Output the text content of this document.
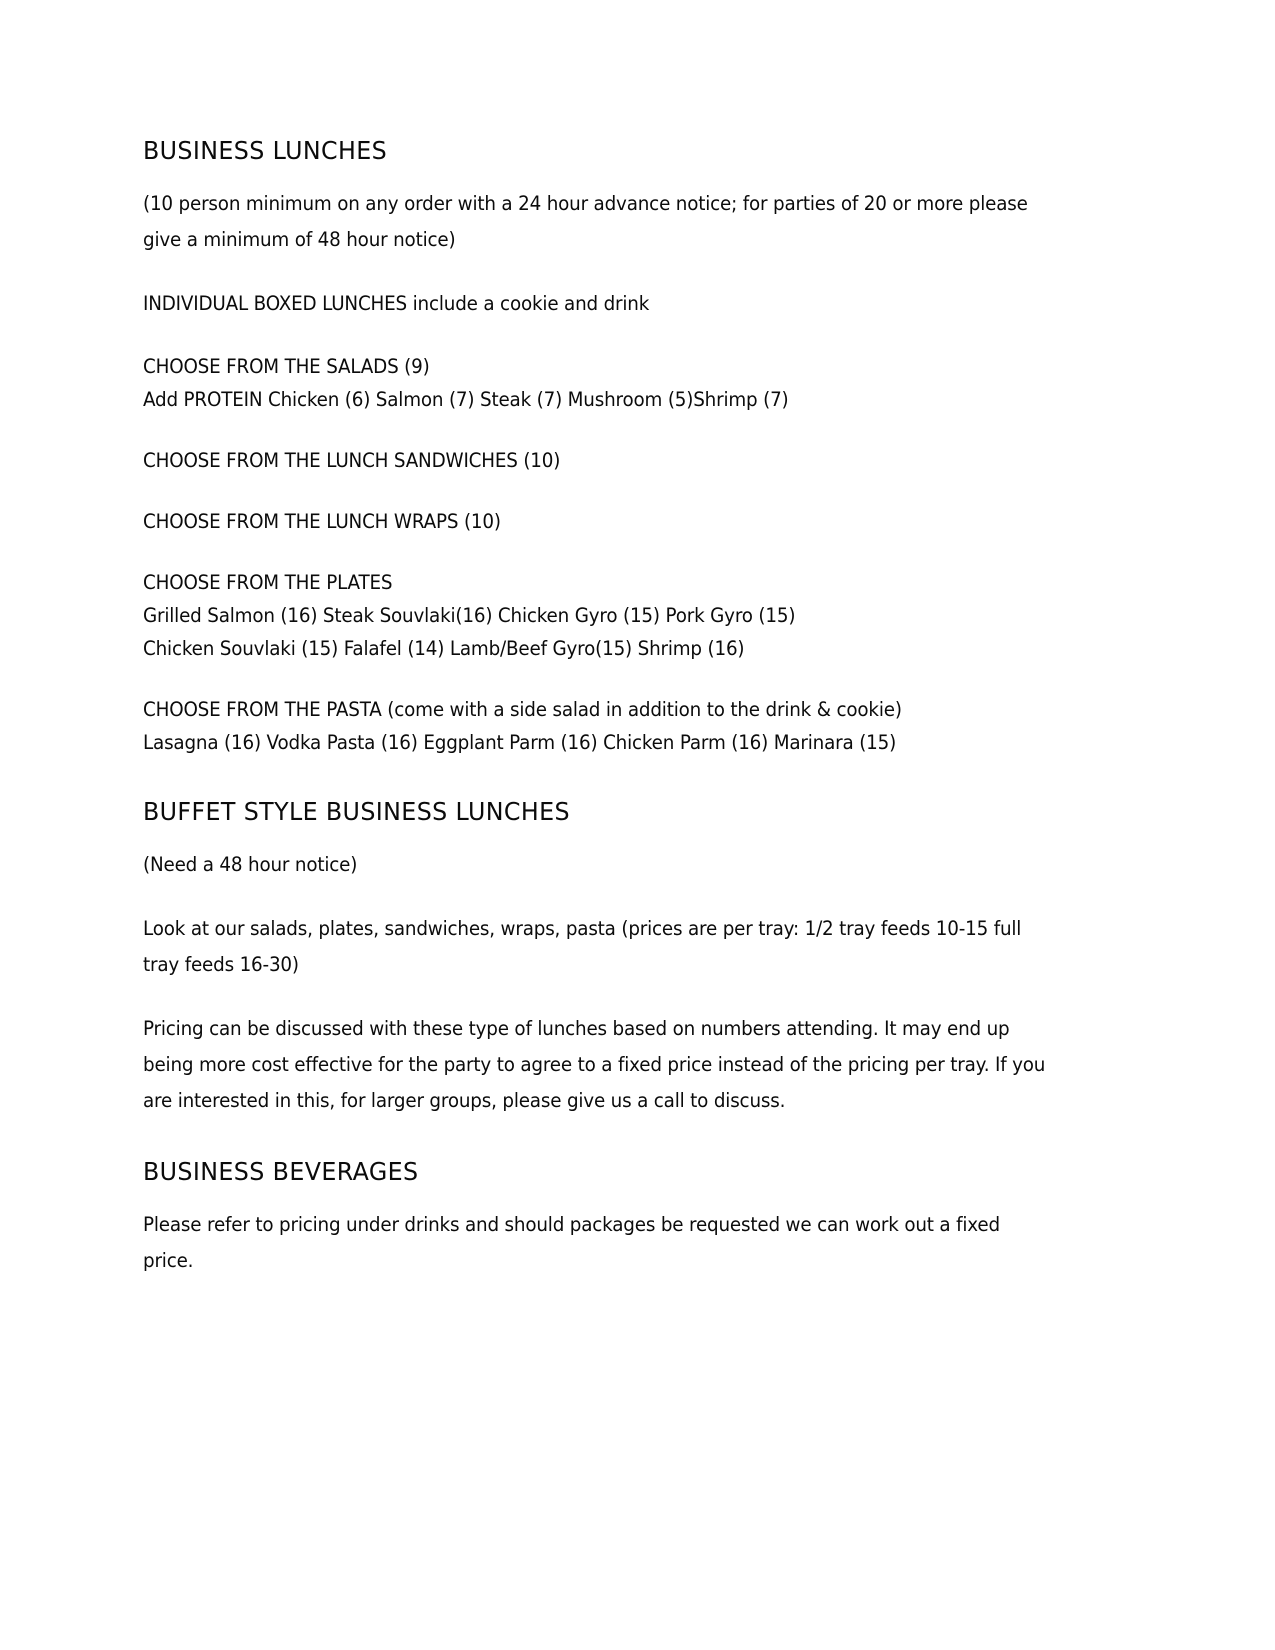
BUSINESS LUNCHES
(10 person minimum on any order with a 24 hour advance notice; for parties of 20 or more please give a minimum of 48 hour notice)
INDIVIDUAL BOXED LUNCHES include a cookie and drink
CHOOSE FROM THE SALADS (9)
Add PROTEIN Chicken (6) Salmon (7) Steak (7) Mushroom (5)Shrimp (7)
CHOOSE FROM THE LUNCH SANDWICHES (10)
CHOOSE FROM THE LUNCH WRAPS (10)
CHOOSE FROM THE PLATES
Grilled Salmon (16) Steak Souvlaki(16) Chicken Gyro (15) Pork Gyro (15)
Chicken Souvlaki (15) Falafel (14) Lamb/Beef Gyro(15) Shrimp (16)
CHOOSE FROM THE PASTA (come with a side salad in addition to the drink & cookie)
Lasagna (16) Vodka Pasta (16) Eggplant Parm (16) Chicken Parm (16) Marinara (15)
BUFFET STYLE BUSINESS LUNCHES
(Need a 48 hour notice)
Look at our salads, plates, sandwiches, wraps, pasta (prices are per tray: 1/2 tray feeds 10-15 full tray feeds 16-30)
Pricing can be discussed with these type of lunches based on numbers attending. It may end up being more cost effective for the party to agree to a fixed price instead of the pricing per tray. If you are interested in this, for larger groups, please give us a call to discuss.
BUSINESS BEVERAGES
Please refer to pricing under drinks and should packages be requested we can work out a fixed price.
